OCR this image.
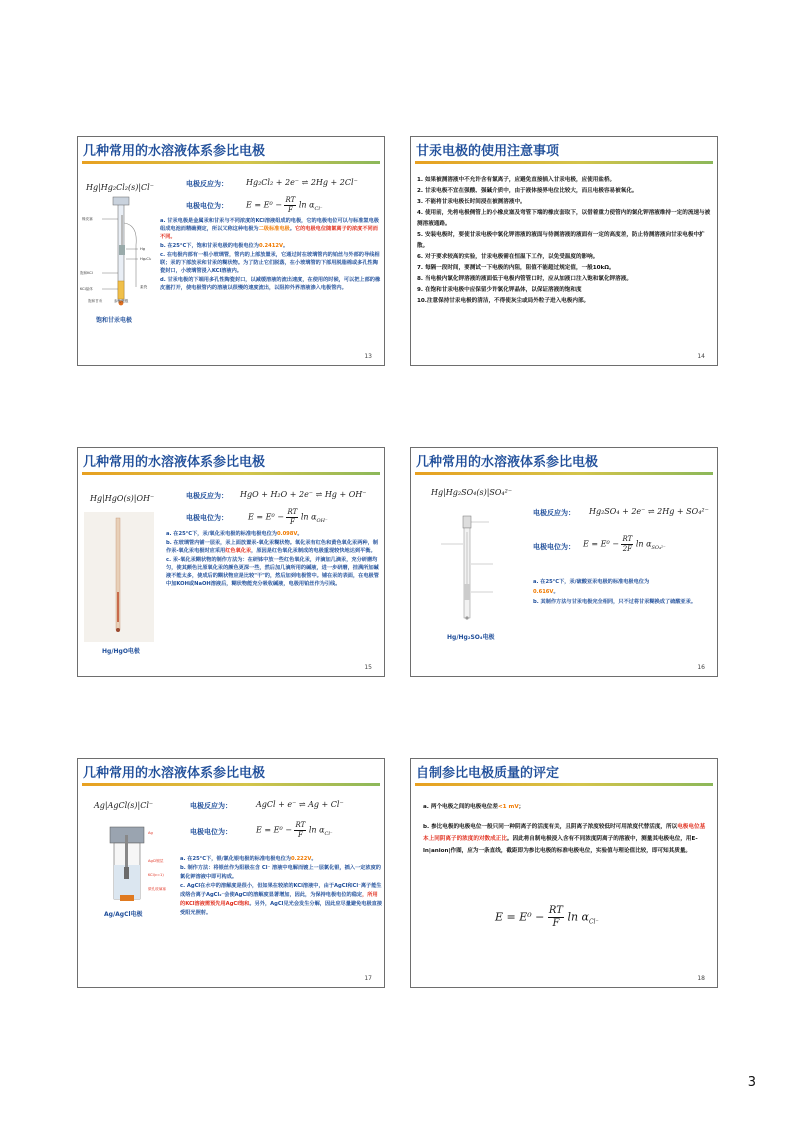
几种常用的水溶液体系参比电极
Hg|Hg₂Cl₂(s)|Cl⁻	电极反应为： Hg₂Cl₂ + 2e⁻ ⇌ 2Hg + 2Cl⁻
电极电位为： $E = E^0 - \frac{RT}{F}$ $\ln \alpha_{Cl^-}$
橡皮塞
Hg
Hg₂Cl₂
饱和KCl
KCl晶体	素瓷
饱和甘汞	参比电极
饱和甘汞电极
a. 甘汞电极是金属汞和甘汞与不同浓度的KCl溶液组成的电极，它的电极电位可以与标准氢电极组成电池而精确测定，所以又称这种电极为二级标准电极。它的电极电位随氯离子的浓度不同而不同。
b. 在25°C下，饱和甘汞电极的电极电位为0.2412V。
c. 在电极内部有一根小玻璃管，管内的上部放置汞，它通过封在玻璃管内的铂丝与外部的导线相联；汞的下部放汞和甘汞的糊状物。为了防止它们脱落，在小玻璃管的下部用脱脂棉或多孔性陶瓷封口，小玻璃管浸入KCl溶液内。
d. 甘汞电极的下端用多孔性陶瓷封口，以减缓溶液的流出速度，在使用的时候，可以把上部的橡皮塞打开，使电极管内的溶液以很慢的速度流出，以阻抑外界溶液渗入电极管内。
13
甘汞电极的使用注意事项
1. 如果被测溶液中不允许含有氯离子，应避免直接插入甘汞电极，应使用盐桥。
2. 甘汞电极不宜在强酸、强碱介质中，由于液体接界电位比较大，而且电极容易被氧化。
3. 不能将甘汞电极长时间浸在被测溶液中。
4. 使用前，先将电极侧管上的小橡皮塞及弯管下端的橡皮套取下，以借着重力使管内的氯化钾溶液维持一定的流速与被测溶液通路。
5. 安装电极时，要使甘汞电极中氯化钾溶液的液面与待测溶液的液面有一定的高度差，防止待测溶液向甘汞电极中扩散。
6. 对于要求较高的实验，甘汞电极需在恒温下工作，以免受温度的影响。
7. 每隔一段时间，要测试一下电极的内阻，阻值不能超过规定值，一般10kΩ。
8. 当电极内氯化钾溶液的液面低于电极内管管口时，应从加液口注入饱和氯化钾溶液。
9. 在饱和甘汞电极中应保留少许氯化钾晶体，以保证溶液的饱和度
10.注意保持甘汞电极的清洁，不得使灰尘或局外粒子进入电极内部。
14
几种常用的水溶液体系参比电极
Hg|HgO(s)|OH⁻	电极反应为： HgO + H₂O + 2e⁻ ⇌ Hg + OH⁻
电极电位为：	$E = E^0 - \frac{RT}{F}$ $\ln \alpha_{OH^-}$
Hg/HgO电极
a. 在25°C下，汞/氧化汞电极的标准电极电位为0.098V。
b. 在玻璃管内铺一层汞，汞上面放置汞-氧化汞糊状物。氧化汞有红色和黄色氧化汞两种，制作汞-氧化汞电极时应采用红色氧化汞，原因是红色氧化汞制成的电极重现较快地达到平衡。
c. 汞-氧化汞糊状物的制作方法为：在研钵中放一些红色氧化汞，并滴加几滴汞，充分研磨均匀，使其颜色比原氧化汞的颜色更深一些，然后加几滴所用的碱液，进一步研磨，挂满所加碱液不能太多，使成后的糊状物应是比较"干"的，然后加到电极管中。铺在汞的表面，在电极管中加KOH或NaOH溶液后，糊状物能充分吸收碱液，电极用铂丝作为引线。
15
几种常用的水溶液体系参比电极
Hg|Hg₂SO₄(s)|SO₄²⁻
电极反应为： Hg₂SO₄ + 2e⁻ ⇌ 2Hg + SO₄²⁻
电极电位为： $E = E^0 - \frac{RT}{2F}$ $\ln \alpha_{SO_4^{2-}}$
Hg/Hg₂SO₄电极
a. 在25°C下，汞/硫酸亚汞电极的标准电极电位为
0.616V。
b. 其制作方法与甘汞电极完全相同，只不过将甘汞糊换成了硫酸亚汞。
16
几种常用的水溶液体系参比电极
Ag|AgCl(s)|Cl⁻	电极反应为：	AgCl + e⁻ ⇌ Ag + Cl⁻
电极电位为：	$E = E^0 - \frac{RT}{F}$ $\ln \alpha_{Cl^-}$
Ag
AgCl镀层
KCl(c=1)
微孔玻璃塞
Ag/AgCl电极
a. 在25°C下，银/氯化银电极的标准电极电位为0.222V。
b. 制作方法：将银丝作为阳极在含 Cl⁻ 溶液中电解而镀上一层氯化银，插入一定浓度的氯化钾溶液中即可构成。
c. AgCl在水中的溶解度是很小，但如果在较浓的KCl溶液中，由于AgCl和Cl⁻离子能生成络合离子AgCl₂⁻会使AgCl的溶解度显著增加，因此，为保持电极电位的稳定，所用的KCl溶液需预先用AgCl饱和。另外，AgCl见光会发生分解，因此应尽量避免电极直接受阳光照射。
17
自制参比电极质量的评定
a. 两个电极之间的电极电位差<1 mV；
b. 参比电极的电极电位一般只同一种阴离子的活度有关，且阴离子浓度较低时可用浓度代替活度，所以电极电位基本上同阴离子的浓度的对数成正比。因此将自制电极浸入含有不同浓度阴离子的溶液中，测量其电极电位，用E-ln|anion|作图，应为一条直线，截距即为参比电极的标准电极电位，实验值与理论值比较，即可知其质量。
$E = E^0 - \frac{RT}{F}$ $\ln \alpha_{Cl^-}$
18
3
